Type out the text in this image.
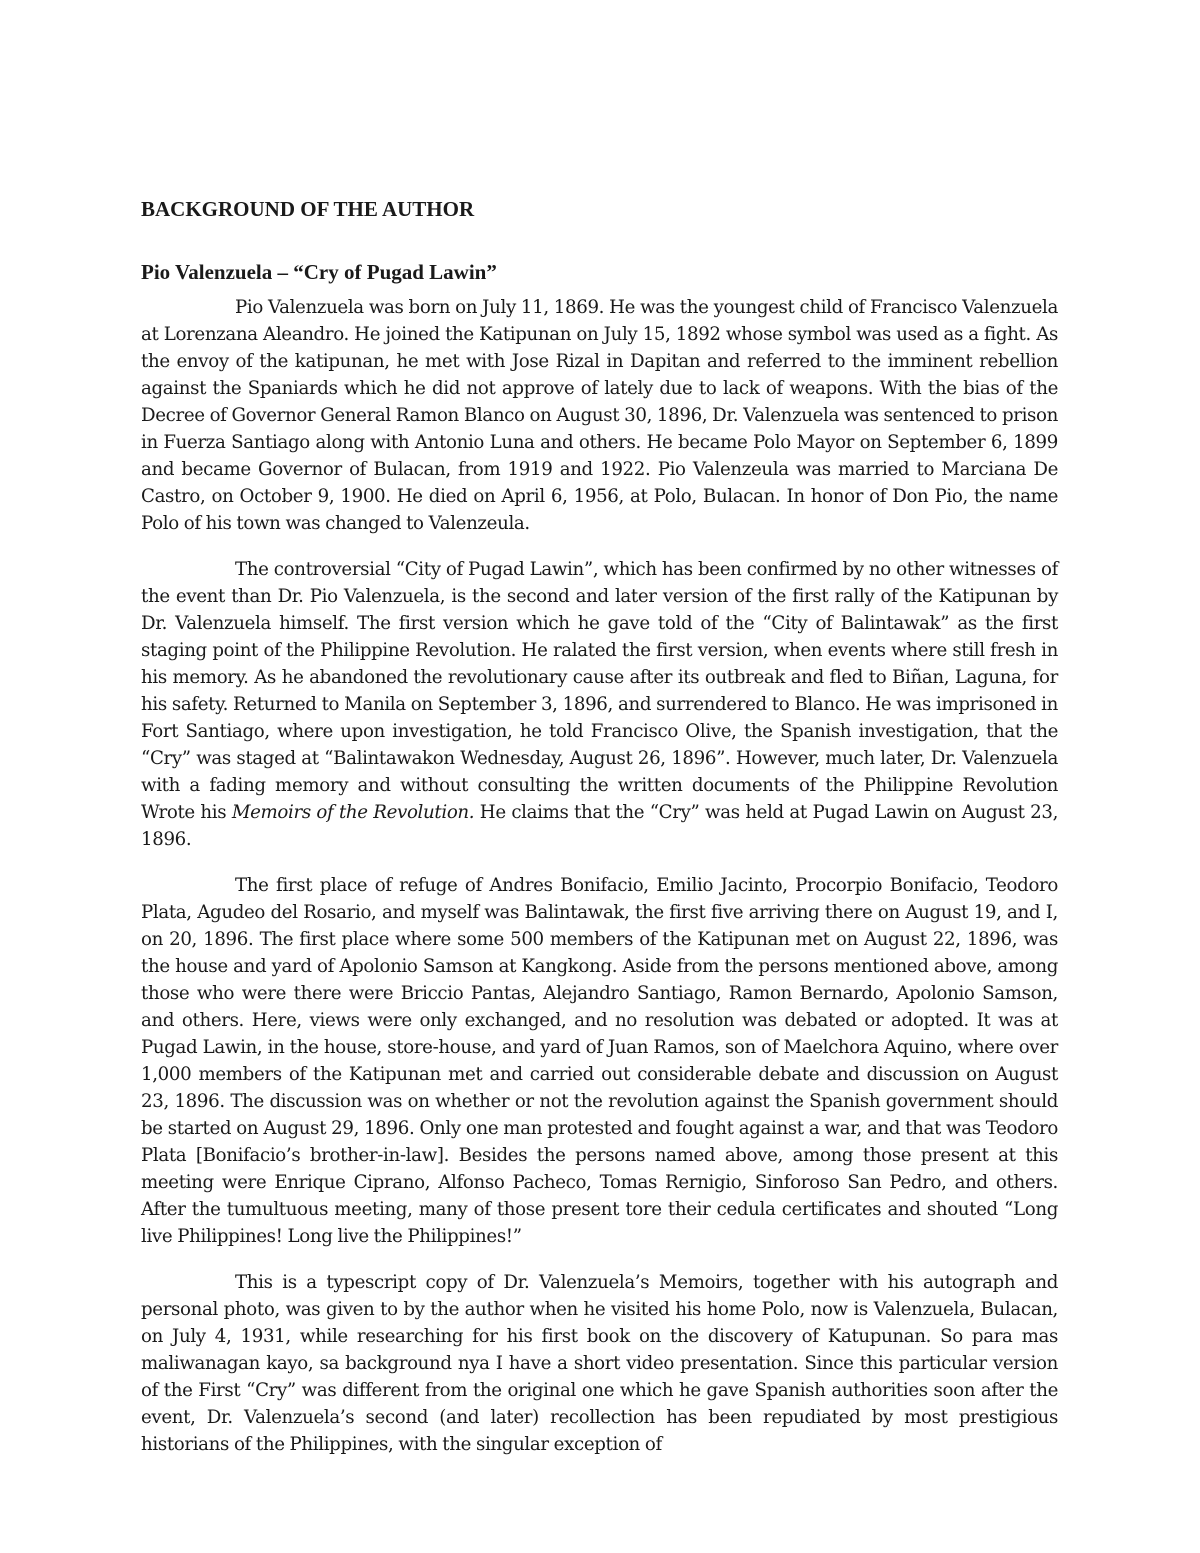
BACKGROUND OF THE AUTHOR
Pio Valenzuela – “Cry of Pugad Lawin”

Pio Valenzuela was born on July 11, 1869. He was the youngest child of Francisco Valenzuela at Lorenzana Aleandro. He joined the Katipunan on July 15, 1892 whose symbol was used as a fight. As the envoy of the katipunan, he met with Jose Rizal in Dapitan and referred to the imminent rebellion against the Spaniards which he did not approve of lately due to lack of weapons. With the bias of the Decree of Governor General Ramon Blanco on August 30, 1896, Dr. Valenzuela was sentenced to prison in Fuerza Santiago along with Antonio Luna and others. He became Polo Mayor on September 6, 1899 and became Governor of Bulacan, from 1919 and 1922. Pio Valenzeula was married to Marciana De Castro, on October 9, 1900. He died on April 6, 1956, at Polo, Bulacan. In honor of Don Pio, the name Polo of his town was changed to Valenzeula.

The controversial “City of Pugad Lawin”, which has been confirmed by no other witnesses of the event than Dr. Pio Valenzuela, is the second and later version of the first rally of the Katipunan by Dr. Valenzuela himself. The first version which he gave told of the “City of Balintawak” as the first staging point of the Philippine Revolution. He ralated the first version, when events where still fresh in his memory. As he abandoned the revolutionary cause after its outbreak and fled to Biñan, Laguna, for his safety. Returned to Manila on September 3, 1896, and surrendered to Blanco. He was imprisoned in Fort Santiago, where upon investigation, he told Francisco Olive, the Spanish investigation, that the “Cry” was staged at “Balintawakon Wednesday, August 26, 1896”. However, much later, Dr. Valenzuela with a fading memory and without consulting the written documents of the Philippine Revolution Wrote his Memoirs of the Revolution. He claims that the “Cry” was held at Pugad Lawin on August 23, 1896.

The first place of refuge of Andres Bonifacio, Emilio Jacinto, Procorpio Bonifacio, Teodoro Plata, Agudeo del Rosario, and myself was Balintawak, the first five arriving there on August 19, and I, on 20, 1896. The first place where some 500 members of the Katipunan met on August 22, 1896, was the house and yard of Apolonio Samson at Kangkong. Aside from the persons mentioned above, among those who were there were Briccio Pantas, Alejandro Santiago, Ramon Bernardo, Apolonio Samson, and others. Here, views were only exchanged, and no resolution was debated or adopted. It was at Pugad Lawin, in the house, store-house, and yard of Juan Ramos, son of Maelchora Aquino, where over 1,000 members of the Katipunan met and carried out considerable debate and discussion on August 23, 1896. The discussion was on whether or not the revolution against the Spanish government should be started on August 29, 1896. Only one man protested and fought against a war, and that was Teodoro Plata [Bonifacio’s brother-in-law]. Besides the persons named above, among those present at this meeting were Enrique Ciprano, Alfonso Pacheco, Tomas Rernigio, Sinforoso San Pedro, and others. After the tumultuous meeting, many of those present tore their cedula certificates and shouted “Long live Philippines! Long live the Philippines!”

This is a typescript copy of Dr. Valenzuela’s Memoirs, together with his autograph and personal photo, was given to by the author when he visited his home Polo, now is Valenzuela, Bulacan, on July 4, 1931, while researching for his first book on the discovery of Katupunan. So para mas maliwanagan kayo, sa background nya I have a short video presentation. Since this particular version of the First “Cry” was different from the original one which he gave Spanish authorities soon after the event, Dr. Valenzuela’s second (and later) recollection has been repudiated by most prestigious historians of the Philippines, with the singular exception of
